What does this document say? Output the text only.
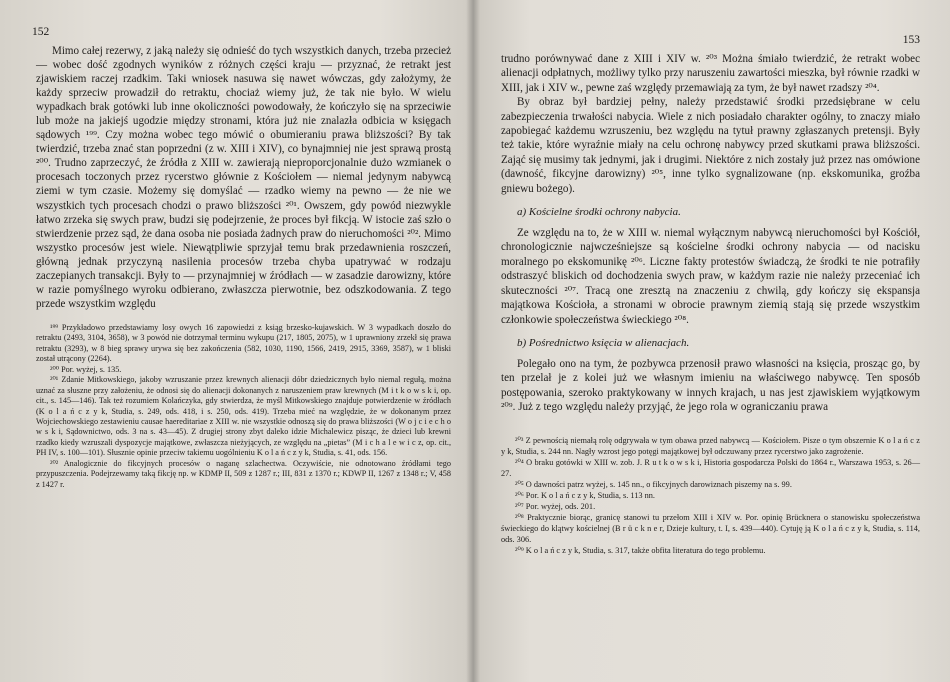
152

Mimo całej rezerwy, z jaką należy się odnieść do tych wszystkich danych, trzeba przecież — wobec dość zgodnych wyników z różnych części kraju — przyznać, że retrakt jest zjawiskiem raczej rzadkim. Taki wniosek nasuwa się nawet wówczas, gdy założymy, że każdy sprzeciw prowadził do retraktu, chociaż wiemy już, że tak nie było. W wielu wypadkach brak gotówki lub inne okoliczności powodowały, że kończyło się na sprzeciwie lub może na jakiejś ugodzie między stronami, która już nie znalazła odbicia w księgach sądowych ¹⁹⁹. Czy można wobec tego mówić o obumieraniu prawa bliższości? By tak twierdzić, trzeba znać stan poprzedni (z w. XIII i XIV), co bynajmniej nie jest sprawą prostą ²⁰⁰. Trudno zaprzeczyć, że źródła z XIII w. zawierają nieproporcjonalnie dużo wzmianek o procesach toczonych przez rycerstwo głównie z Kościołem — niemal jedynym nabywcą ziemi w tym czasie. Możemy się domyślać — rzadko wiemy na pewno — że nie we wszystkich tych procesach chodzi o prawo bliższości ²⁰¹. Owszem, gdy powód niezwykle łatwo zrzeka się swych praw, budzi się podejrzenie, że proces był fikcją. W istocie zaś szło o stwierdzenie przez sąd, że dana osoba nie posiada żadnych praw do nieruchomości ²⁰². Mimo wszystko procesów jest wiele. Niewątpliwie sprzyjał temu brak przedawnienia roszczeń, główną jednak przyczyną nasilenia procesów trzeba chyba upatrywać w rodzaju zaczepianych transakcji. Były to — przynajmniej w źródłach — w zasadzie darowizny, które w razie pomyślnego wyroku odbierano, zwłaszcza pierwotnie, bez odszkodowania. Z tego przede wszystkim względu

¹⁹⁹ Przykładowo przedstawiamy losy owych 16 zapowiedzi z ksiąg brzesko-kujawskich. W 3 wypadkach doszło do retraktu (2493, 3104, 3658), w 3 powód nie dotrzymał terminu wykupu (217, 1805, 2075), w 1 uprawniony zrzekł się prawa retraktu (3293), w 8 bieg sprawy urywa się bez zakończenia (582, 1030, 1190, 1566, 2419, 2915, 3369, 3587), w 1 bliski został utrącony (2264).

²⁰⁰ Por. wyżej, s. 135.

²⁰¹ Zdanie Mitkowskiego, jakoby wzruszanie przez krewnych alienacji dóbr dziedzicznych było niemal regułą, można uznać za słuszne przy założeniu, że odnosi się do alienacji dokonanych z naruszeniem praw krewnych (M i t k o w s k i, op. cit., s. 145—146). Tak też rozumiem Kolańczyka, gdy stwierdza, że myśl Mitkowskiego znajduje potwierdzenie w źródłach (K o l a ń c z y k, Studia, s. 249, ods. 418, i s. 250, ods. 419). Trzeba mieć na względzie, że w dokonanym przez Wojciechowskiego zestawieniu causae haereditariae z XIII w. nie wszystkie odnoszą się do prawa bliższości (W o j c i e c h o w s k i, Sądownictwo, ods. 3 na s. 43—45). Z drugiej strony zbyt daleko idzie Michalewicz pisząc, że dzieci lub krewni rzadko kiedy wzruszali dyspozycje majątkowe, zwłaszcza nieżyjących, ze względu na „pietas” (M i c h a l e w i c z, op. cit., PH IV, s. 100—101). Słusznie opinie przeciw takiemu uogólnieniu K o l a ń c z y k, Studia, s. 41, ods. 156.

²⁰² Analogicznie do fikcyjnych procesów o naganę szlachectwa. Oczywiście, nie odnotowano źródłami tego przypuszczenia. Podejrzewamy taką fikcję np. w KDMP II, 509 z 1287 r.; III, 831 z 1370 r.; KDWP II, 1267 z 1348 r.; V, 458 z 1427 r.

153

trudno porównywać dane z XIII i XIV w. ²⁰³ Można śmiało twierdzić, że retrakt wobec alienacji odpłatnych, możliwy tylko przy naruszeniu zawartości mieszka, był równie rzadki w XIII, jak i XIV w., pewne zaś względy przemawiają za tym, że był nawet rzadszy ²⁰⁴.

By obraz był bardziej pełny, należy przedstawić środki przedsiębrane w celu zabezpieczenia trwałości nabycia. Wiele z nich posiadało charakter ogólny, to znaczy miało zapobiegać każdemu wzruszeniu, bez względu na tytuł prawny zgłaszanych pretensji. Były też takie, które wyraźnie miały na celu ochronę nabywcy przed skutkami prawa bliższości. Zająć się musimy tak jednymi, jak i drugimi. Niektóre z nich zostały już przez nas omówione (dawność, fikcyjne darowizny) ²⁰⁵, inne tylko sygnalizowane (np. ekskomunika, groźba gniewu bożego).

a) Kościelne środki ochrony nabycia.

Ze względu na to, że w XIII w. niemal wyłącznym nabywcą nieruchomości był Kościół, chronologicznie najwcześniejsze są kościelne środki ochrony nabycia — od nacisku moralnego po ekskomunikę ²⁰⁶. Liczne fakty protestów świadczą, że środki te nie potrafiły odstraszyć bliskich od dochodzenia swych praw, w każdym razie nie należy przeceniać ich skuteczności ²⁰⁷. Tracą one zresztą na znaczeniu z chwilą, gdy kończy się ekspansja majątkowa Kościoła, a stronami w obrocie prawnym ziemią stają się przede wszystkim członkowie społeczeństwa świeckiego ²⁰⁸.

b) Pośrednictwo księcia w alienacjach.

Polegało ono na tym, że pozbywca przenosił prawo własności na księcia, prosząc go, by ten przelał je z kolei już we własnym imieniu na właściwego nabywcę. Ten sposób postępowania, szeroko praktykowany w innych krajach, u nas jest zjawiskiem wyjątkowym ²⁰⁹. Już z tego względu należy przyjąć, że jego rola w ograniczaniu prawa

²⁰³ Z pewnością niemałą rolę odgrywała w tym obawa przed nabywcą — Kościołem. Pisze o tym obszernie K o l a ń c z y k, Studia, s. 244 nn. Nagły wzrost jego potęgi majątkowej był odczuwany przez rycerstwo jako zagrożenie.

²⁰⁴ O braku gotówki w XIII w. zob. J. R u t k o w s k i, Historia gospodarcza Polski do 1864 r., Warszawa 1953, s. 26—27.

²⁰⁵ O dawności patrz wyżej, s. 145 nn., o fikcyjnych darowiznach piszemy na s. 99.

²⁰⁶ Por. K o l a ń c z y k, Studia, s. 113 nn.

²⁰⁷ Por. wyżej, ods. 201.

²⁰⁸ Praktycznie biorąc, granicę stanowi tu przełom XIII i XIV w. Por. opinię Brücknera o stanowisku społeczeństwa świeckiego do klątwy kościelnej (B r ü c k n e r, Dzieje kultury, t. I, s. 439—440). Cytuję ją K o l a ń c z y k, Studia, s. 114, ods. 306.

²⁰⁹ K o l a ń c z y k, Studia, s. 317, także obfita literatura do tego problemu.
